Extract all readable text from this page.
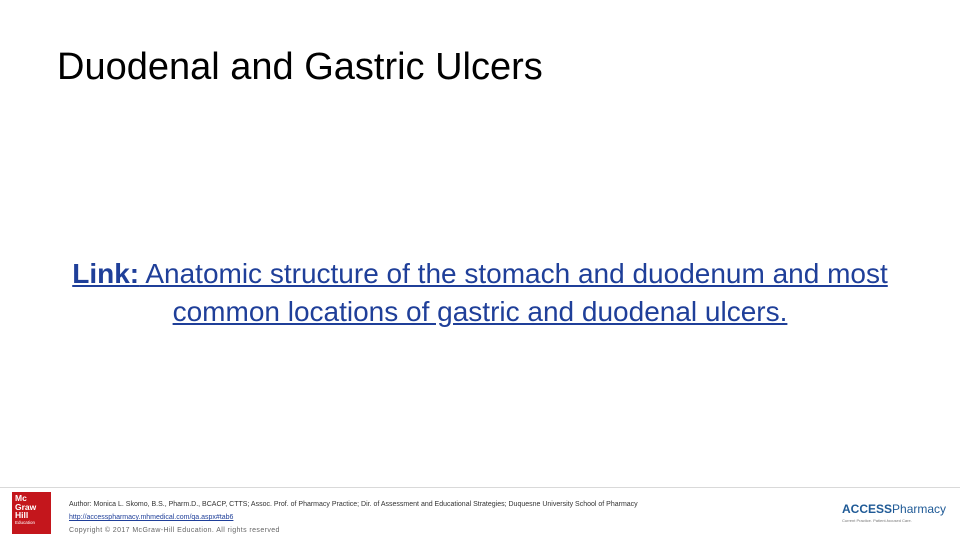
Duodenal and Gastric Ulcers
Link: Anatomic structure of the stomach and duodenum and most common locations of gastric and duodenal ulcers.
Mc
Graw
Hill
Education
Author: Monica L. Skomo, B.S., Pharm.D., BCACP, CTTS; Assoc. Prof. of Pharmacy Practice; Dir. of Assessment and Educational Strategies; Duquesne University School of Pharmacy
http://accesspharmacy.mhmedical.com/qa.aspx#tab6
Copyright © 2017 McGraw-Hill Education. All rights reserved
ACCESSPharmacy
Current Practice. Patient-focused Care.
